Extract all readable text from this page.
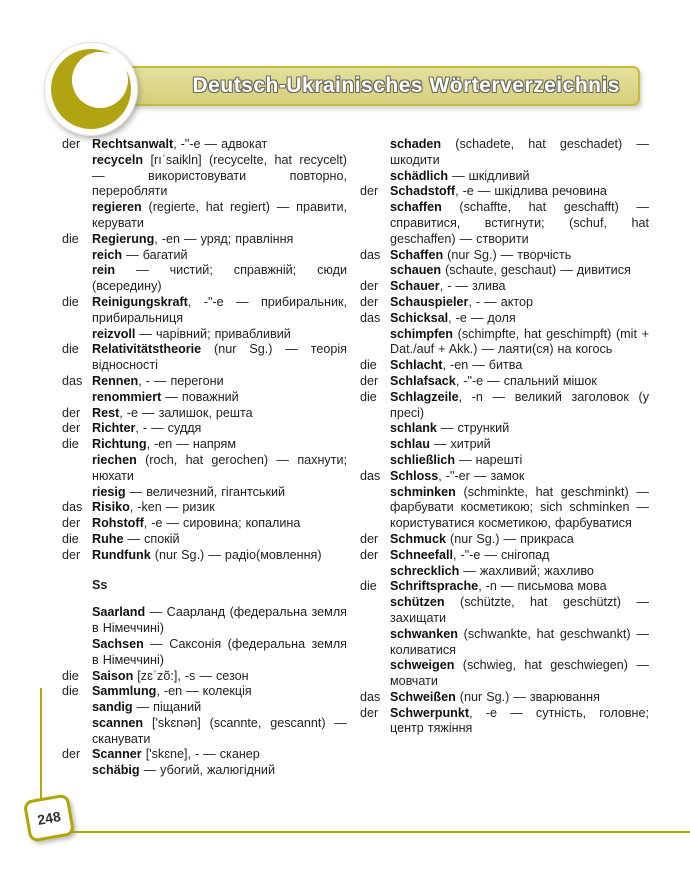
Deutsch-Ukrainisches Wörterverzeichnis
der Rechtsanwalt, -"-e — адвокат

recyceln [rıˈsaikln] (recycelte, hat recycelt) — використовувати повторно, переробляти

regieren (regierte, hat regiert) — правити, керувати

die	Regierung, -en — уряд; правління

reich — багатий

rein — чистий; справжній; сюди (всередину)

die	Reinigungskraft, -"-e — прибиральник, прибиральниця

reizvoll — чарівний; привабливий

die	Relativitätstheorie (nur Sg.) — теорія відносності

das Rennen, - — перегони

renommiert — поважний

der Rest, -e — залишок, решта

der Richter, - — суддя

die	Richtung, -en — напрям

riechen (roch, hat gerochen) — пахнути; нюхати

riesig — величезний, гігантський

das Risiko, -ken — ризик

der Rohstoff, -e — сировина; копалина

die	Ruhe — спокій

der Rundfunk (nur Sg.) — радіо(мовлення)

Ss

Saarland — Саарланд (федеральна земля в Німеччині)

Sachsen — Саксонія (федеральна земля в Німеччині)

die	Saison [zɛˈzõ:], -s — сезон

die	Sammlung, -en — колекція

sandig — піщаний

scannen ['skɛnən] (scannte, gescannt) — сканувати

der Scanner ['skɛne], - — сканер

schäbig — убогий, жалюгідний

schaden (schadete, hat geschadet) — шкодити

schädlich — шкідливий

der Schadstoff, -e — шкідлива речовина

schaffen (schaffte, hat geschafft) — справитися, встигнути; (schuf, hat geschaffen) — створити

das Schaffen (nur Sg.) — творчість

schauen (schaute, geschaut) — дивитися

der Schauer, - — злива

der Schauspieler, - — актор

das Schicksal, -e — доля

schimpfen (schimpfte, hat geschimpft) (mit + Dat./auf + Akk.) — лаяти(ся) на когось

die	Schlacht, -en — битва

der Schlafsack, -"-e — спальний мішок

die	Schlagzeile, -n — великий заголовок (у пресі)

schlank — стрункий

schlau — хитрий

schließlich — нарешті

das Schloss, -"-er — замок

schminken (schminkte, hat geschminkt) — фарбувати косметикою; sich schminken — користуватися косметикою, фарбуватися

der Schmuck (nur Sg.) — прикраса

der Schneefall, -"-e — снігопад

schrecklich — жахливий; жахливо

die	Schriftsprache, -n — письмова мова

schützen (schützte, hat geschützt) — захищати

schwanken (schwankte, hat geschwankt) — коливатися

schweigen (schwieg, hat geschwiegen) — мовчати

das Schweißen (nur Sg.) — зварювання

der Schwerpunkt, -e — сутність, головне; центр тяжіння

248
